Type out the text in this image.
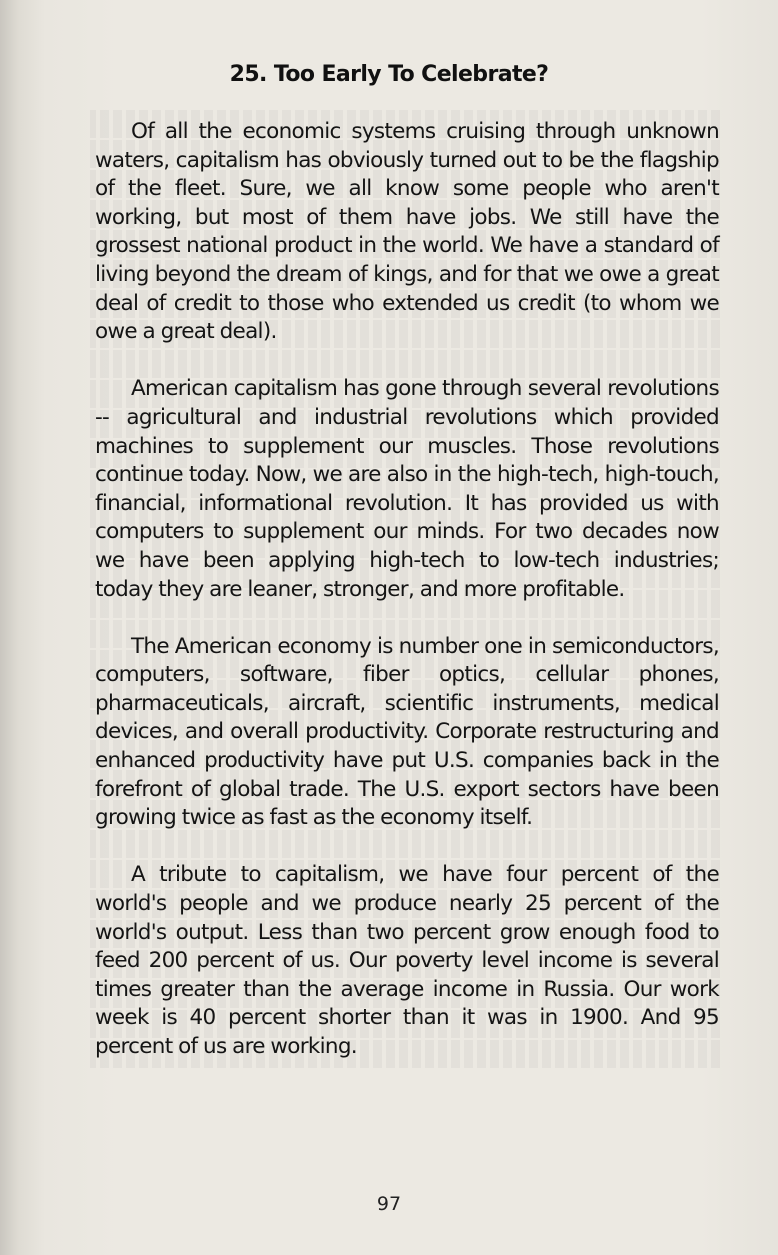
25. Too Early To Celebrate?

Of all the economic systems cruising through unknown waters, capitalism has obviously turned out to be the flagship of the fleet. Sure, we all know some people who aren't working, but most of them have jobs. We still have the grossest national product in the world. We have a standard of living beyond the dream of kings, and for that we owe a great deal of credit to those who extended us credit (to whom we owe a great deal).

American capitalism has gone through several revolutions -- agricultural and industrial revolutions which provided machines to supplement our muscles. Those revolutions continue today. Now, we are also in the high-tech, high-touch, financial, informational revolution. It has provided us with computers to supplement our minds. For two decades now we have been applying high-tech to low-tech industries; today they are leaner, stronger, and more profitable.

The American economy is number one in semiconductors, computers, software, fiber optics, cellular phones, pharmaceuticals, aircraft, scientific instruments, medical devices, and overall productivity. Corporate restructuring and enhanced productivity have put U.S. companies back in the forefront of global trade. The U.S. export sectors have been growing twice as fast as the economy itself.

A tribute to capitalism, we have four percent of the world's people and we produce nearly 25 percent of the world's output. Less than two percent grow enough food to feed 200 percent of us. Our poverty level income is several times greater than the average income in Russia. Our work week is 40 percent shorter than it was in 1900. And 95 percent of us are working.

97
